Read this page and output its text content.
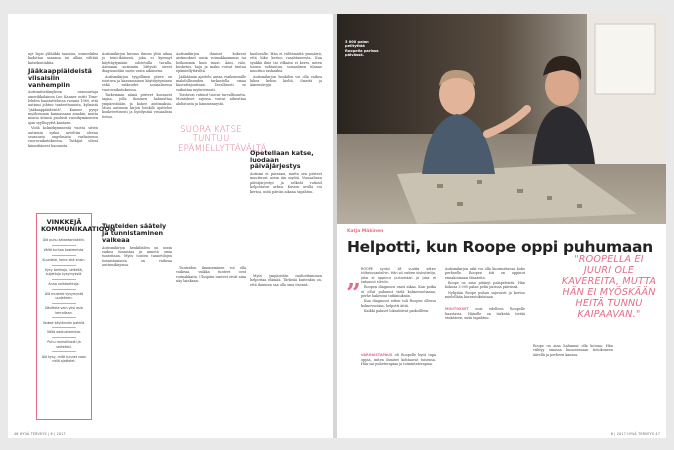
nyt lapsi ylähäkki taantuu, esimerkiksi kadottaa sanansa tai alkaa välttää katsekontaktia.

Jääkaappiäideistä viisaisiin vanhempiin

Autismitietämyksen uranuurtaja amerikkalainen Leo Kanner esitti Time-lehden haastattelussa vuonna 1960, että autismi johtuu tunteettomista, kylmistä "jääkaappiäideistä". Kanner pysyi myöhemmin kannassaan ainakin, mutta monta äitinsä puolusti vuosikymmenten ajan syyllisyyttä kantaen.

Vielä kolmekymmentä vuotta sitten autismin syiksi arveltiin olevan seurausta ongelmista varhaisessa vuorovaikutuksessa. Tutkijat ulivat kiinnittäneet huomiota.

VINKKEJÄ KOMMUNIKAATIOON
Älä puhu katsekontaktiin.
Vältä turhaa koskemista.
Kuuntele, kerro sitä ensin.
Kysy tarkkoja, selkeitä, suljettuja kysymyksiä.
Anna vaihtoehtoja.
Älä mustele kysymystä uudelleen.
Käsittele vain yksi asia kerrallaan.
Vaikee käytännön pahkiä.
Vältä odotustamista.
Puhu rauhallisesti ja selkeästi.
Älä kysy, mitä tunnet vaan mitä ajattelet.

Autismikirjon kuvaus ilmeni yhtä aikaa jo teini-ikäisenä, joka ei kyennyt käyttäytymään odotetulla tavalla. Aiemmin autismiin liittyvät oireet diagnosoitiin usein vasta aikuisena.

Autismikirjon tyypillinen piirre on toistuva ja kaavamainen käyttäytyminen sekä vaikeudet sosiaalisessa vuorovaikutuksessa.

Tarkemmin nämä piirteet kuvaavat tapaa, jolla ihminen hahmottaa ympäristöään ja kokee aistimuksia. Moni autismin kirjon henkilö ajattelee konkreettisesti ja hyödyntää visuaalista tietoa.

Tunteiden säätely ja tunnistaminen vaikeaa

Autismikirjon henkilöiden on usein vaikea tunnistaa ja nimetä omia tunteitaan. Myös toisten tunnetilojen tunnistaminen on vaikeaa autismikirjossa.

Autismikirjon ihmiset kokevat aistimukset usein voimakkaammin tai heikommin kuin muut. Ääni, valo, kosketus, haju ja maku voivat tuntua epämiellyttäviltä.

Jääkäämin ajattelu antaa vanhemmille mahdollisuuden tarkastella omaa kasvattajuuttaan. Tavallisesti se vaikuttaa myönteisesti.

Toistuvat rutiinit tuovat turvallisuutta. Muutokset arjessa voivat aiheuttaa ahdistusta ja hämmennystä.

Tunteiden ilmaiseminen voi olla vaikeaa, vaikka tunteet ovat voimakkaita. Ulospäin tunteet eivät aina näy lainkaan.

SUORA KATSE TUNTUU EPÄMIELLYTTÄVÄLTÄ.

kuuluvalle. Hän ei välttämättä ymmärrä, että hiku kertoo rasahtuneesta. Kun synkkä ilme tai vilkaisu ei kerro, miten toinen suhtautuu, sosiaalinen tilanne muuttuu raskaaksi.

Autismikirjon henkilön voi olla vaikea lukea kehon kieltä, ilmeitä ja äänensävyjä.

Opetellaan katse, luodaan päiväjärjestys

Autismi ei parannu, mutta sen piirteet muuttuvat usein iän myötä. Visuaalinen päiväjärjestys ja selkeät rutiinit helpottavat arkea. Kuvien avulla voi kertoa, mitä päivän aikana tapahtuu.

Myös ympäristön rauhoittaminen helpottaa elämää. Tärkeää kuitenkin on, että ihminen saa olla oma itsensä.

46 HYVÄ TERVEYS | 6 | 2017
3 000 palan pelityttää Roopella parissa päivässä.
Katja Mäkinen
Helpotti, kun Roope oppi puhumaan
”

ROOPE syntyi 18 vuotta sitten kiiltokuvaoloihin. Hän oli vaikea kiukuttelija, joka ei oppinut puhumaan ja joka ei katsonut silmiin.

Roopen diagnoosi vaati aikaa. Kun poika ei ollut puhunut vielä kolmevuotiaana, perhe hakeutui tutkimuksiin.

Kun diagnoosi sitten tuli Roopen ollessa kolmevuotias, helpotti äitiä.

Kaikki palaset loksahtivat paikoilleen.

VARHAISTAPAUS oli Roopelle hyvä tapa oppia, miten ihmiset kohtaavat toisensa. Hän sai puheterapiaa ja toimintaterapiaa.

Autismikirjon arki voi olla kuormittavaa koko perheelle. Roopen äiti on oppinut ennakoimaan tilanteita.

Roope on aina pitänyt palapeleistä. Hän kokoaa 3 000 palan pelin parissa päivässä.

Nykyään Roope puhuu sujuvasti ja kertoo mielellään harrastuksistaan.

MUUTOKSET ovat edelleen Roopelle haastavia. Hänelle on tärkeää tietää etukäteen, mitä tapahtuu.

"ROOPELLA EI JUURI OLE KAVEREITA, MUTTA HÄN EI MYÖSKÄÄN HEITÄ TUNNU KAIPAAVAN."

Roope on aina halunnut olla kotona. Hän viihtyy omassa huoneessaan tietokoneen äärellä ja perheen kanssa.

6 | 2017 HYVÄ TERVEYS 47
